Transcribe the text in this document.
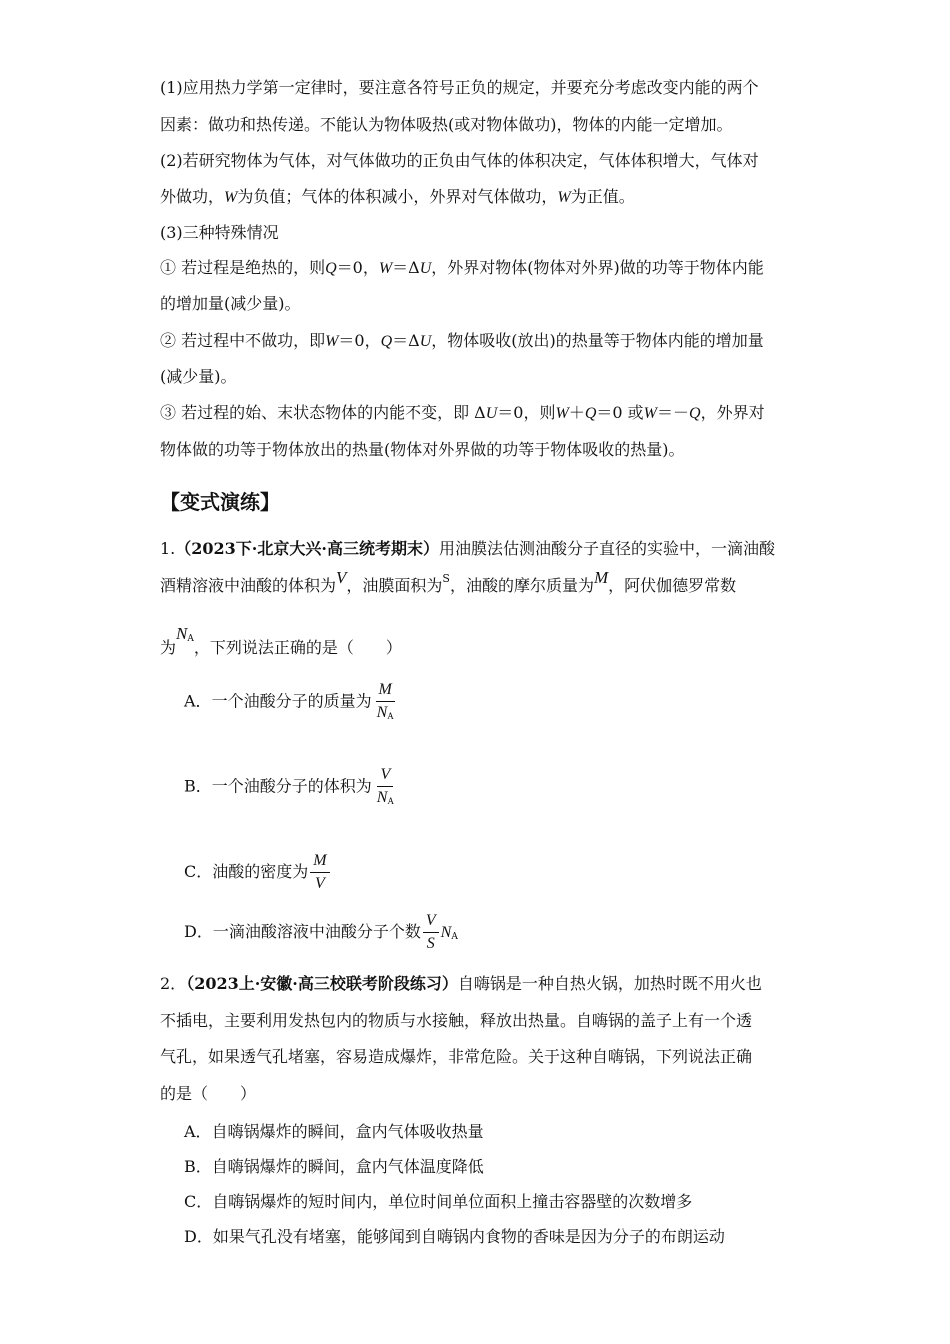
(1)应用热力学第一定律时，要注意各符号正负的规定，并要充分考虑改变内能的两个
因素：做功和热传递。不能认为物体吸热(或对物体做功)，物体的内能一定增加。
(2)若研究物体为气体，对气体做功的正负由气体的体积决定，气体体积增大，气体对
外做功，W为负值；气体的体积减小，外界对气体做功，W为正值。
(3)三种特殊情况
① 若过程是绝热的，则Q＝0，W＝ΔU，外界对物体(物体对外界)做的功等于物体内能
的增加量(减少量)。
② 若过程中不做功，即W＝0，Q＝ΔU，物体吸收(放出)的热量等于物体内能的增加量
(减少量)。
③ 若过程的始、末状态物体的内能不变，即 ΔU＝0，则W＋Q＝0 或W＝－Q，外界对
物体做的功等于物体放出的热量(物体对外界做的功等于物体吸收的热量)。
【变式演练】
1.（2023下·北京大兴·高三统考期末）用油膜法估测油酸分子直径的实验中，一滴油酸
酒精溶液中油酸的体积为V，油膜面积为$^S$，油酸的摩尔质量为M，阿伏伽德罗常数
为$N^A$，下列说法正确的是（　　）
A．一个油酸分子的质量为 $\frac{M}{NA}$
B．一个油酸分子的体积为 $\frac{V}{NA}$
C．油酸的密度为 $\frac{M}{V}$
D．一滴油酸溶液中油酸分子个数 $\frac{V}{S}$ NA
2．（2023上·安徽·高三校联考阶段练习）自嗨锅是一种自热火锅，加热时既不用火也
不插电，主要利用发热包内的物质与水接触，释放出热量。自嗨锅的盖子上有一个透
气孔，如果透气孔堵塞，容易造成爆炸，非常危险。关于这种自嗨锅，下列说法正确
的是（　　）
A．自嗨锅爆炸的瞬间，盒内气体吸收热量
B．自嗨锅爆炸的瞬间，盒内气体温度降低
C．自嗨锅爆炸的短时间内，单位时间单位面积上撞击容器壁的次数增多
D．如果气孔没有堵塞，能够闻到自嗨锅内食物的香味是因为分子的布朗运动
